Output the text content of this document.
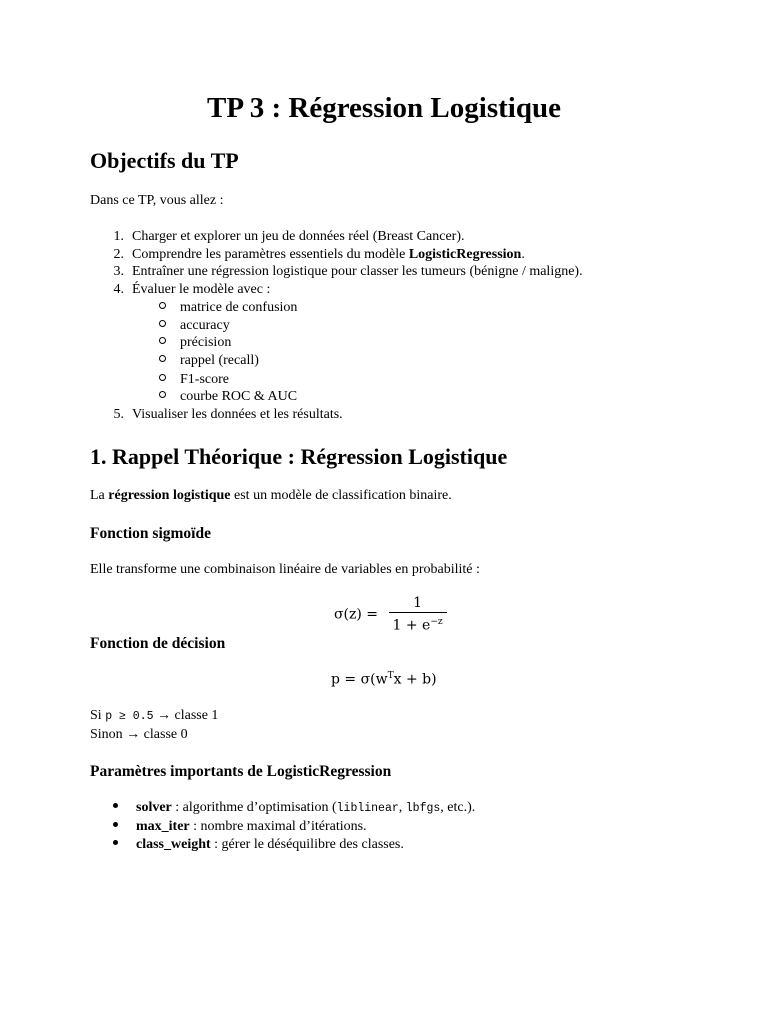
TP 3 : Régression Logistique
Objectifs du TP
Dans ce TP, vous allez :
1. Charger et explorer un jeu de données réel (Breast Cancer).
2. Comprendre les paramètres essentiels du modèle LogisticRegression.
3. Entraîner une régression logistique pour classer les tumeurs (bénigne / maligne).
4. Évaluer le modèle avec :
matrice de confusion
accuracy
précision
rappel (recall)
F1-score
courbe ROC & AUC
5. Visualiser les données et les résultats.
1. Rappel Théorique : Régression Logistique
La régression logistique est un modèle de classification binaire.
Fonction sigmoïde
Elle transforme une combinaison linéaire de variables en probabilité :
$\sigma(z) = \frac{1}{1 + e^{-z}}$
Fonction de décision
$p = \sigma(w^Tx + b)$
Si p ≥ 0.5 → classe 1
Sinon → classe 0
Paramètres importants de LogisticRegression
solver : algorithme d’optimisation (liblinear, lbfgs, etc.).
max_iter : nombre maximal d’itérations.
class_weight : gérer le déséquilibre des classes.
